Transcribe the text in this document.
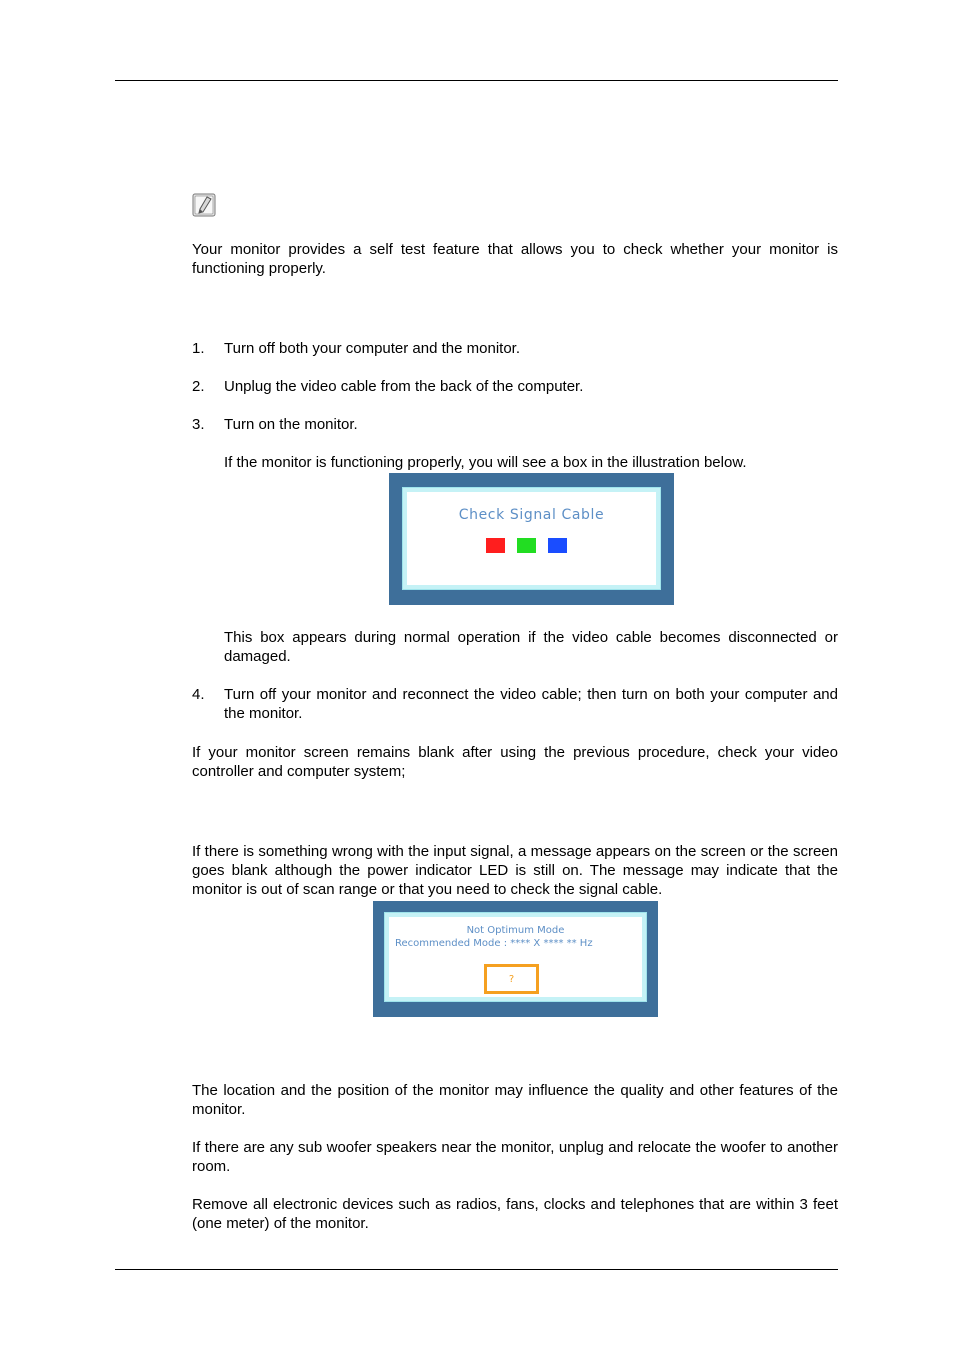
Your monitor provides a self test feature that allows you to check whether your monitor is functioning properly.

1. Turn off both your computer and the monitor.

2. Unplug the video cable from the back of the computer.

3. Turn on the monitor.

If the monitor is functioning properly, you will see a box in the illustration below.

Check Signal Cable

This box appears during normal operation if the video cable becomes disconnected or damaged.

4. Turn off your monitor and reconnect the video cable; then turn on both your computer and the monitor.

If your monitor screen remains blank after using the previous procedure, check your video controller and computer system;

If there is something wrong with the input signal, a message appears on the screen or the screen goes blank although the power indicator LED is still on. The message may indicate that the monitor is out of scan range or that you need to check the signal cable.

Not Optimum Mode
Recommended Mode : **** X **** ** Hz
?

The location and the position of the monitor may influence the quality and other features of the monitor.

If there are any sub woofer speakers near the monitor, unplug and relocate the woofer to another room.

Remove all electronic devices such as radios, fans, clocks and telephones that are within 3 feet (one meter) of the monitor.
